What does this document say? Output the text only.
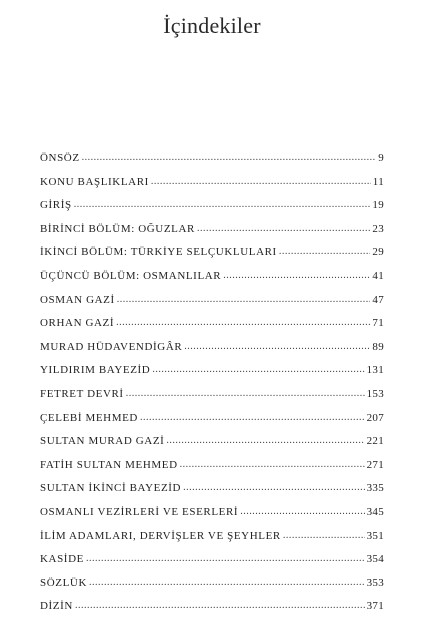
İçindekiler
ÖNSÖZ .....	9
KONU BAŞLIKLARI .....	11
GİRİŞ .....	19
BİRİNCİ BÖLÜM: OĞUZLAR .....	23
İKİNCİ BÖLÜM: TÜRKİYE SELÇUKLULARI .....	29
ÜÇÜNCÜ BÖLÜM: OSMANLILAR .....	41
OSMAN GAZİ .....	47
ORHAN GAZİ .....	71
MURAD HÜDAVENDİGÂR .....	89
YILDIRIM BAYEZİD .....	131
FETRET DEVRİ .....	153
ÇELEBİ MEHMED .....	207
SULTAN MURAD GAZİ .....	221
FATİH SULTAN MEHMED .....	271
SULTAN İKİNCİ BAYEZİD .....	335
OSMANLI VEZİRLERİ VE ESERLERİ .....	345
İLİM ADAMLARI, DERVİŞLER VE ŞEYHLER .....	351
KASİDE .....	354
SÖZLÜK .....	353
DİZİN .....	371
